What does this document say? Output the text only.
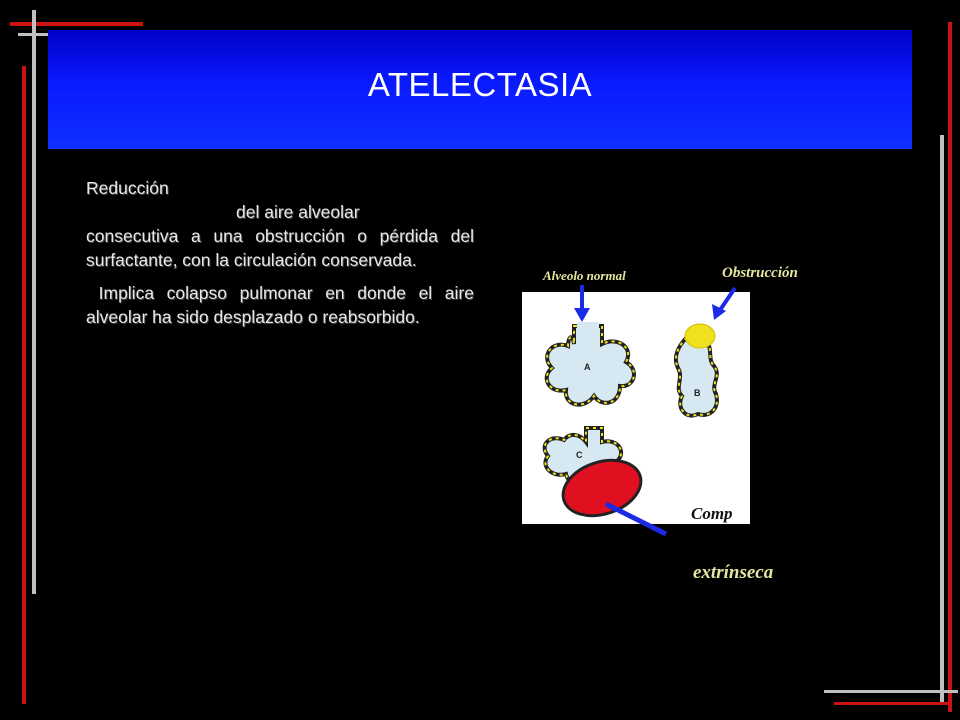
ATELECTASIA

Reducción
del aire alveolar
consecutiva a una obstrucción o pérdida del surfactante, con la circulación conservada.

Implica colapso pulmonar en donde el aire alveolar ha sido desplazado o reabsorbido.

Alveolo normal	Obstrucción
A
B
C
Comp
extrínseca
